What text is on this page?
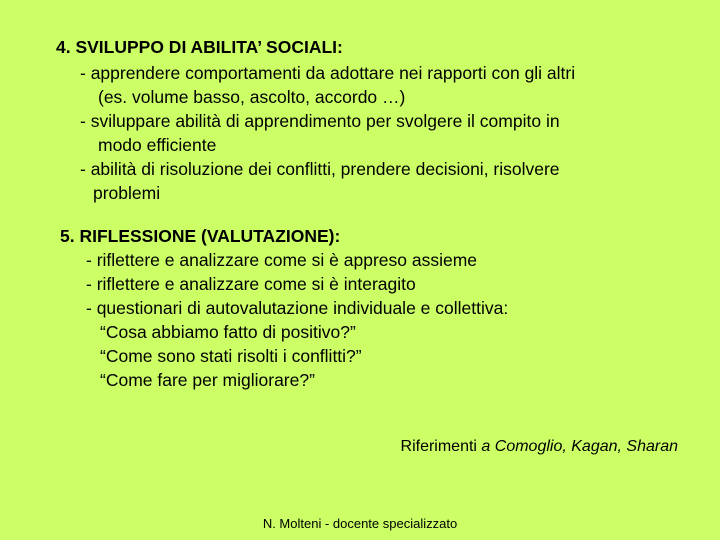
4. SVILUPPO DI ABILITA’ SOCIALI:
- apprendere comportamenti da adottare nei rapporti con gli altri
(es. volume basso, ascolto, accordo …)
- sviluppare abilità di apprendimento per svolgere il compito in
modo efficiente
- abilità di risoluzione dei conflitti, prendere decisioni, risolvere
problemi
5. RIFLESSIONE (VALUTAZIONE):
- riflettere e analizzare come si è appreso assieme
- riflettere e analizzare come si è interagito
- questionari di autovalutazione individuale e collettiva:
“Cosa abbiamo fatto di positivo?”
“Come sono stati risolti i conflitti?”
“Come fare per migliorare?”
Riferimenti a Comoglio, Kagan, Sharan
N. Molteni - docente specializzato
